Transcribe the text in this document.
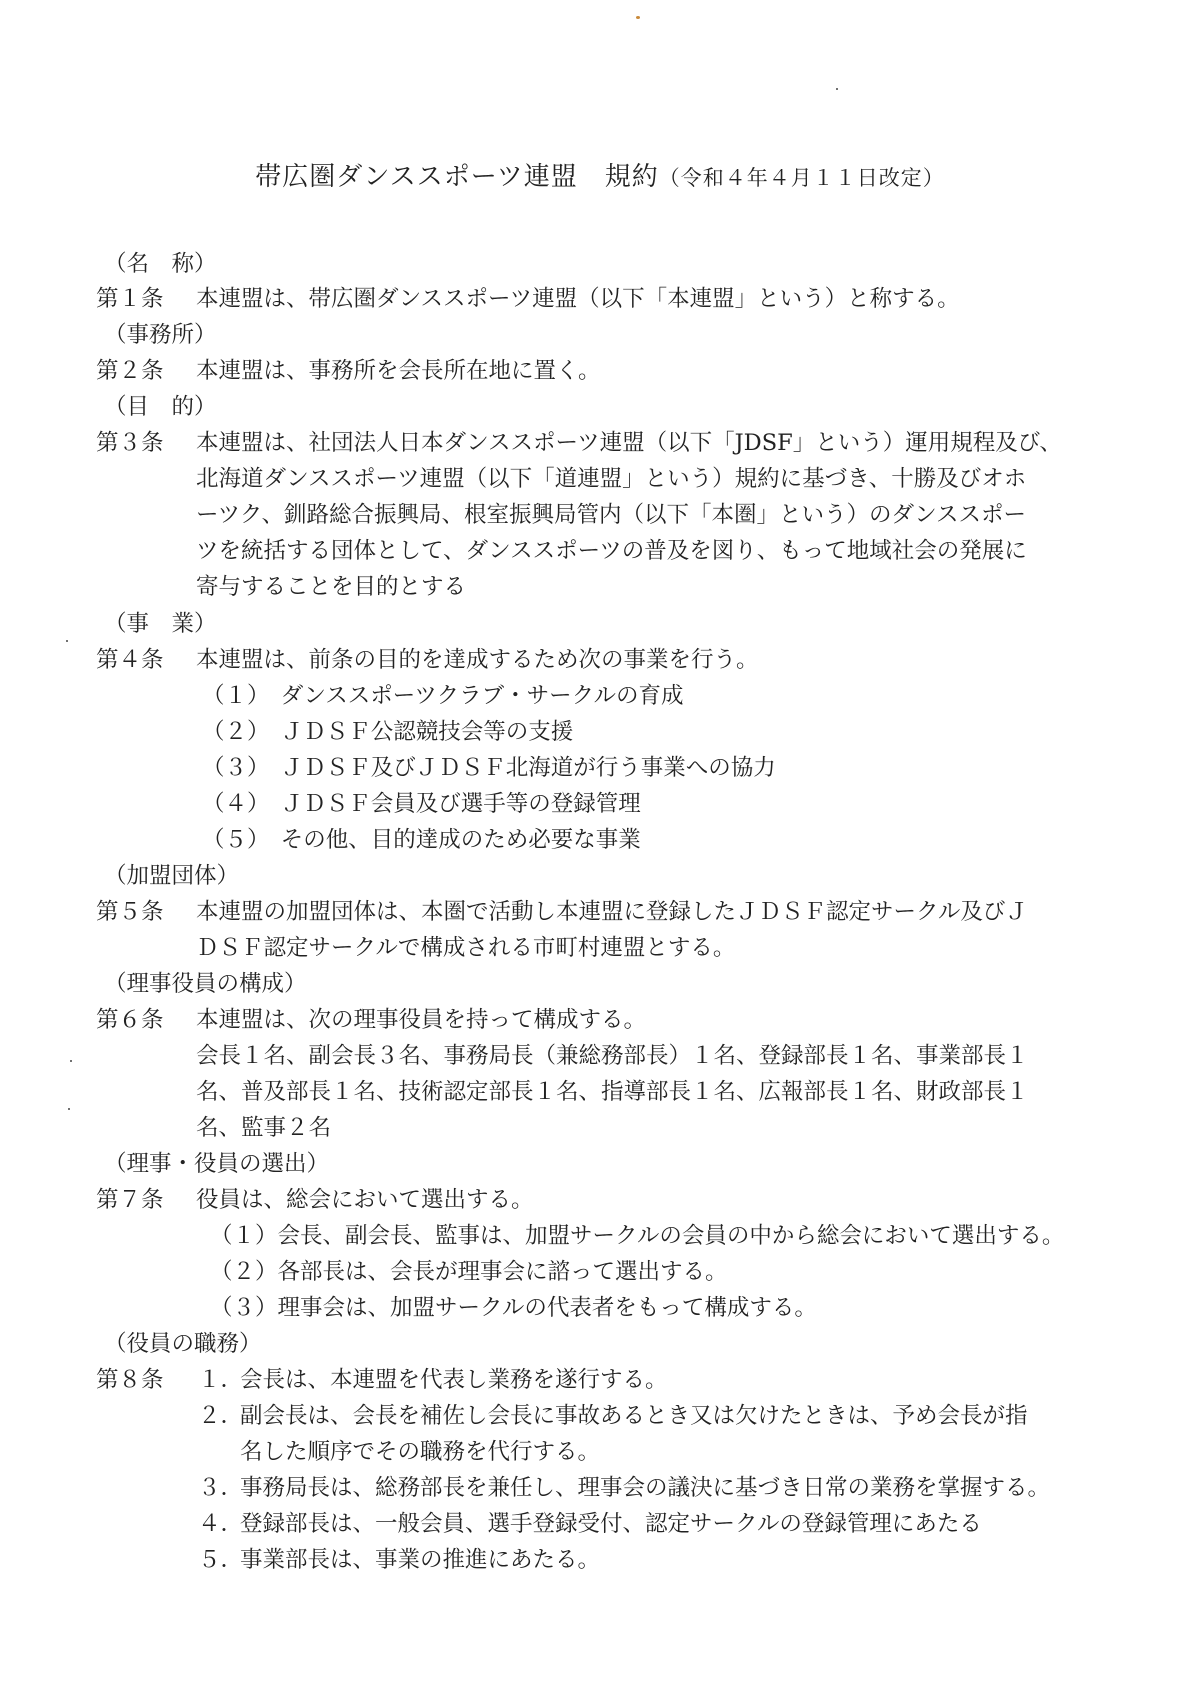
帯広圏ダンススポーツ連盟　規約（令和４年４月１１日改定）
（名　称）
第１条 本連盟は、帯広圏ダンススポーツ連盟（以下「本連盟」という）と称する。
（事務所）
第２条 本連盟は、事務所を会長所在地に置く。
（目　的）
第３条 本連盟は、社団法人日本ダンススポーツ連盟（以下「JDSF」という）運用規程及び、
北海道ダンススポーツ連盟（以下「道連盟」という）規約に基づき、十勝及びオホ
ーツク、釧路総合振興局、根室振興局管内（以下「本圏」という）のダンススポー
ツを統括する団体として、ダンススポーツの普及を図り、もって地域社会の発展に
寄与することを目的とする
（事　業）
第４条 本連盟は、前条の目的を達成するため次の事業を行う。
（１）　ダンススポーツクラブ・サークルの育成
（２）　ＪＤＳＦ公認競技会等の支援
（３）　ＪＤＳＦ及びＪＤＳＦ北海道が行う事業への協力
（４）　ＪＤＳＦ会員及び選手等の登録管理
（５）　その他、目的達成のため必要な事業
（加盟団体）
第５条 本連盟の加盟団体は、本圏で活動し本連盟に登録したＪＤＳＦ認定サークル及びＪ
ＤＳＦ認定サークルで構成される市町村連盟とする。
（理事役員の構成）
第６条 本連盟は、次の理事役員を持って構成する。
会長１名、副会長３名、事務局長（兼総務部長）１名、登録部長１名、事業部長１
名、普及部長１名、技術認定部長１名、指導部長１名、広報部長１名、財政部長１
名、監事２名
（理事・役員の選出）
第７条 役員は、総会において選出する。
（１）会長、副会長、監事は、加盟サークルの会員の中から総会において選出する。
（２）各部長は、会長が理事会に諮って選出する。
（３）理事会は、加盟サークルの代表者をもって構成する。
（役員の職務）
第８条 １．
会長は、本連盟を代表し業務を遂行する。
２．
副会長は、会長を補佐し会長に事故あるとき又は欠けたときは、予め会長が指
名した順序でその職務を代行する。
３．
事務局長は、総務部長を兼任し、理事会の議決に基づき日常の業務を掌握する。
４．
登録部長は、一般会員、選手登録受付、認定サークルの登録管理にあたる
５．
事業部長は、事業の推進にあたる。
